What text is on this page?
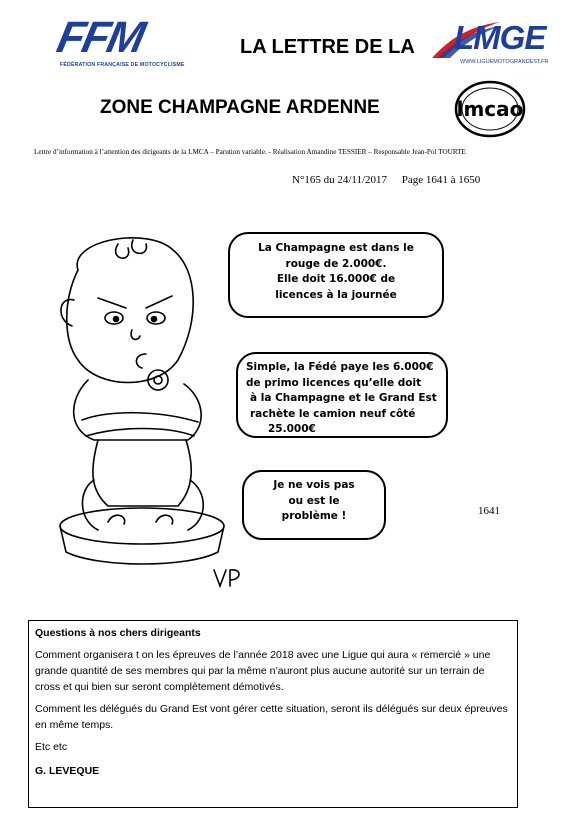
FFM
FÉDÉRATION FRANÇAISE DE MOTOCYCLISME
LA LETTRE DE LA LMGE
WWW.LIGUEMOTOGRANDEST.FR
ZONE CHAMPAGNE ARDENNE	lmcao
Lettre d’information à l’attention des dirigeants de la LMCA – Parution variable. - Réalisation Amandine TESSIER – Responsable Jean-Pol TOURTE
N°165 du 24/11/2017 Page 1641 à 1650
La Champagne est dans le
rouge de 2.000€.
Elle doit 16.000€ de
licences à la journée
Simple, la Fédé paye les 6.000€
de primo licences qu’elle doit
à la Champagne et le Grand Est
rachète le camion neuf côté
25.000€
Je ne vois pas
ou est le
problème !	1641

Questions à nos chers dirigeants

Comment organisera t on les épreuves de l’année 2018 avec une Ligue qui aura « remercié » une grande quantité de ses membres qui par la même n’auront plus aucune autorité sur un terrain de cross et qui bien sur seront complètement démotivés.

Comment les délégués du Grand Est vont gérer cette situation, seront ils délégués sur deux épreuves en même temps.

Etc etc

G. LEVEQUE
